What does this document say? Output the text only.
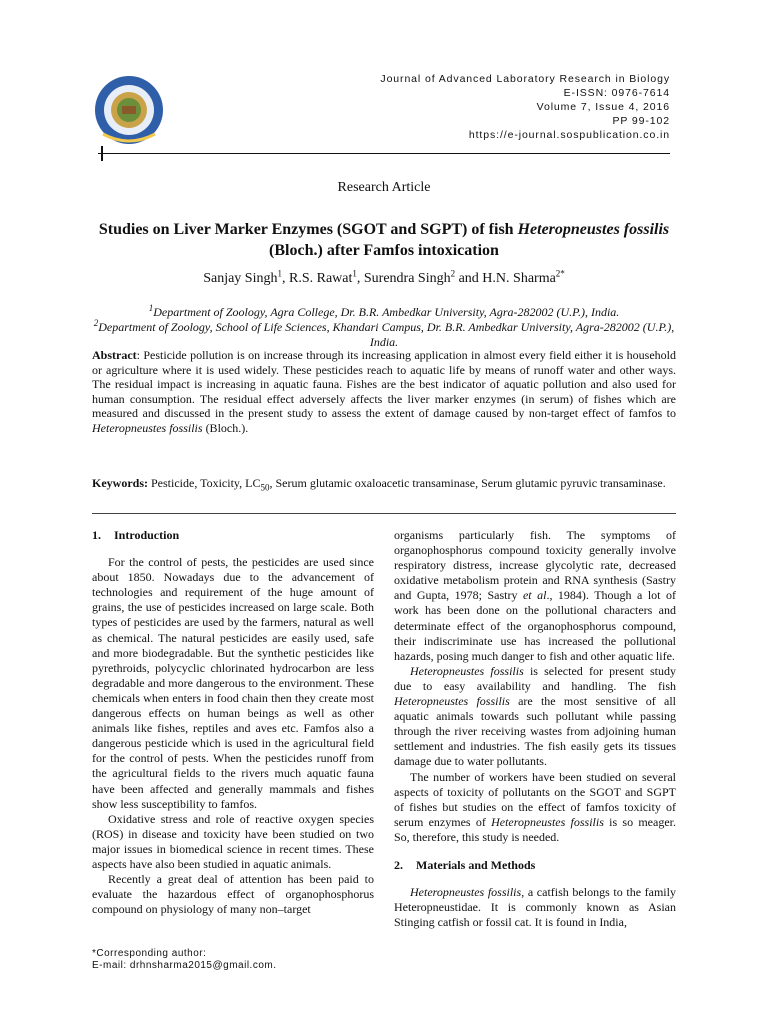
Journal of Advanced Laboratory Research in Biology
E-ISSN: 0976-7614
Volume 7, Issue 4, 2016
PP 99-102
https://e-journal.sospublication.co.in
Research Article
Studies on Liver Marker Enzymes (SGOT and SGPT) of fish Heteropneustes fossilis (Bloch.) after Famfos intoxication
Sanjay Singh$^1$, R.S. Rawat$^1$, Surendra Singh$^2$ and H.N. Sharma$^{2*}$
$^1$Department of Zoology, Agra College, Dr. B.R. Ambedkar University, Agra-282002 (U.P.), India.
$^2$Department of Zoology, School of Life Sciences, Khandari Campus, Dr. B.R. Ambedkar University, Agra-282002 (U.P.), India.
Abstract: Pesticide pollution is on increase through its increasing application in almost every field either it is household or agriculture where it is used widely. These pesticides reach to aquatic life by means of runoff water and other ways. The residual impact is increasing in aquatic fauna. Fishes are the best indicator of aquatic pollution and also used for human consumption. The residual effect adversely affects the liver marker enzymes (in serum) of fishes which are measured and discussed in the present study to assess the extent of damage caused by non-target effect of famfos to Heteropneustes fossilis (Bloch.).
Keywords: Pesticide, Toxicity, $LC_{50}$, Serum glutamic oxaloacetic transaminase, Serum glutamic pyruvic transaminase.
1. Introduction

For the control of pests, the pesticides are used since about 1850. Nowadays due to the advancement of technologies and requirement of the huge amount of grains, the use of pesticides increased on large scale. Both types of pesticides are used by the farmers, natural as well as chemical. The natural pesticides are easily used, safe and more biodegradable. But the synthetic pesticides like pyrethroids, polycyclic chlorinated hydrocarbon are less degradable and more dangerous to the environment. These chemicals when enters in food chain then they create most dangerous effects on human beings as well as other animals like fishes, reptiles and aves etc. Famfos also a dangerous pesticide which is used in the agricultural field for the control of pests. When the pesticides runoff from the agricultural fields to the rivers much aquatic fauna have been affected and generally mammals and fishes show less susceptibility to famfos.

Oxidative stress and role of reactive oxygen species (ROS) in disease and toxicity have been studied on two major issues in biomedical science in recent times. These aspects have also been studied in aquatic animals.

Recently a great deal of attention has been paid to evaluate the hazardous effect of organophosphorus compound on physiology of many non–target

organisms particularly fish. The symptoms of organophosphorus compound toxicity generally involve respiratory distress, increase glycolytic rate, decreased oxidative metabolism protein and RNA synthesis (Sastry and Gupta, 1978; Sastry et al., 1984). Though a lot of work has been done on the pollutional characters and determinate effect of the organophosphorus compound, their indiscriminate use has increased the pollutional hazards, posing much danger to fish and other aquatic life.

Heteropneustes fossilis is selected for present study due to easy availability and handling. The fish Heteropneustes fossilis are the most sensitive of all aquatic animals towards such pollutant while passing through the river receiving wastes from adjoining human settlement and industries. The fish easily gets its tissues damage due to water pollutants.

The number of workers have been studied on several aspects of toxicity of pollutants on the SGOT and SGPT of fishes but studies on the effect of famfos toxicity of serum enzymes of Heteropneustes fossilis is so meager. So, therefore, this study is needed.

2. Materials and Methods

Heteropneustes fossilis, a catfish belongs to the family Heteropneustidae. It is commonly known as Asian Stinging catfish or fossil cat. It is found in India,

*Corresponding author:
E-mail: drhnsharma2015@gmail.com.
